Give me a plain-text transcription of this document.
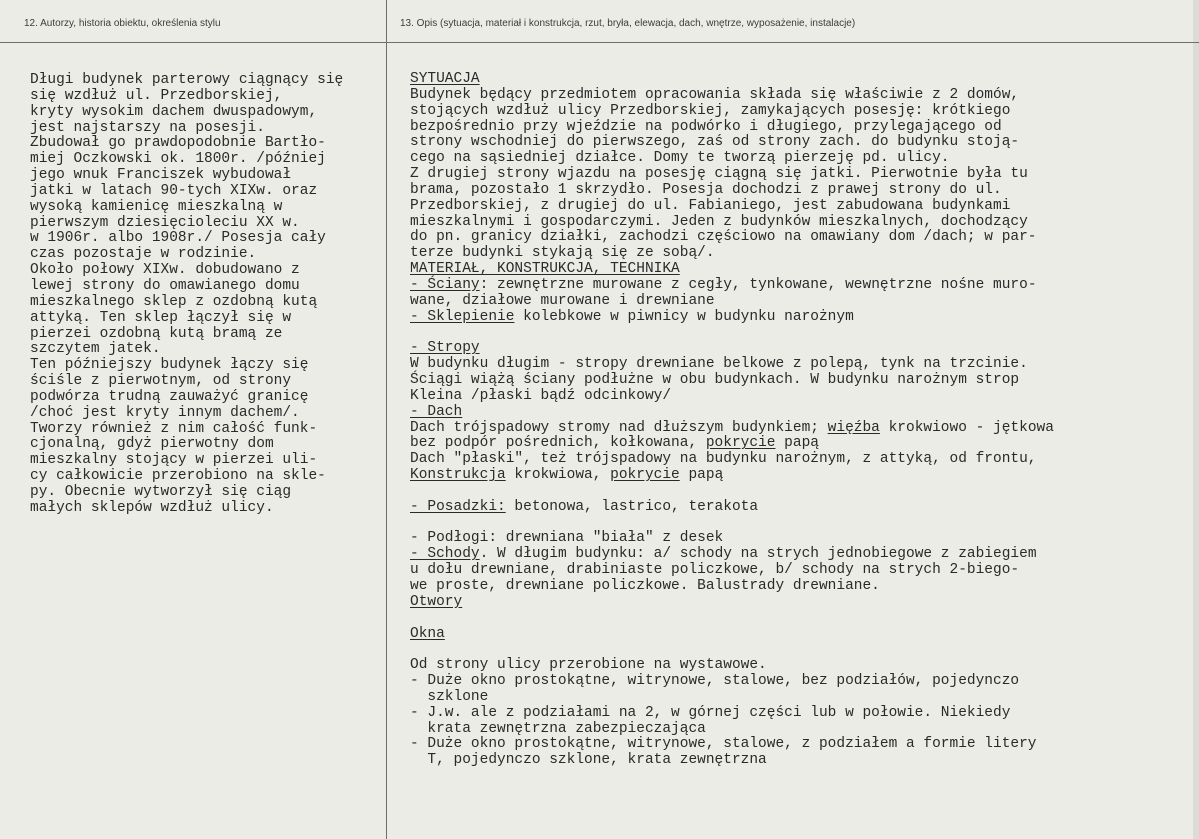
12. Autorzy, historia obiektu, określenia stylu	13. Opis (sytuacja, materiał i konstrukcja, rzut, bryła, elewacja, dach, wnętrze, wyposażenie, instalacje)
Długi budynek parterowy ciągnący się
się wzdłuż ul. Przedborskiej,
kryty wysokim dachem dwuspadowym,
jest najstarszy na posesji.
Zbudował go prawdopodobnie Bartło-
miej Oczkowski ok. 1800r. /później
jego wnuk Franciszek wybudował
jatki w latach 90-tych XIXw. oraz
wysoką kamienicę mieszkalną w
pierwszym dziesięcioleciu XX w.
w 1906r. albo 1908r./ Posesja cały
czas pozostaje w rodzinie.
Około połowy XIXw. dobudowano z
lewej strony do omawianego domu
mieszkalnego sklep z ozdobną kutą
attyką. Ten sklep łączył się w
pierzei ozdobną kutą bramą ze
szczytem jatek.
Ten późniejszy budynek łączy się
ściśle z pierwotnym, od strony
podwórza trudną zauważyć granicę
/choć jest kryty innym dachem/.
Tworzy również z nim całość funk-
cjonalną, gdyż pierwotny dom
mieszkalny stojący w pierzei uli-
cy całkowicie przerobiono na skle-
py. Obecnie wytworzył się ciąg
małych sklepów wzdłuż ulicy.
SYTUACJA
Budynek będący przedmiotem opracowania składa się właściwie z 2 domów,
stojących wzdłuż ulicy Przedborskiej, zamykających posesję: krótkiego
bezpośrednio przy wjeździe na podwórko i długiego, przylegającego od
strony wschodniej do pierwszego, zaś od strony zach. do budynku stoją-
cego na sąsiedniej działce. Domy te tworzą pierzeję pd. ulicy.
Z drugiej strony wjazdu na posesję ciągną się jatki. Pierwotnie była tu
brama, pozostało 1 skrzydło. Posesja dochodzi z prawej strony do ul.
Przedborskiej, z drugiej do ul. Fabianiego, jest zabudowana budynkami
mieszkalnymi i gospodarczymi. Jeden z budynków mieszkalnych, dochodzący
do pn. granicy działki, zachodzi częściowo na omawiany dom /dach; w par-
terze budynki stykają się ze sobą/.
MATERIAŁ, KONSTRUKCJA, TECHNIKA
- Ściany: zewnętrzne murowane z cegły, tynkowane, wewnętrzne nośne muro-
wane, działowe murowane i drewniane
- Sklepienie kolebkowe w piwnicy w budynku narożnym
- Stropy
W budynku długim - stropy drewniane belkowe z polepą, tynk na trzcinie.
Ściągi wiążą ściany podłużne w obu budynkach. W budynku narożnym strop
Kleina /płaski bądź odcinkowy/
- Dach
Dach trójspadowy stromy nad dłuższym budynkiem; więźba krokwiowo - jętkowa
bez podpór pośrednich, kołkowana, pokrycie papą
Dach "płaski", też trójspadowy na budynku narożnym, z attyką, od frontu,
Konstrukcja krokwiowa, pokrycie papą
- Posadzki: betonowa, lastrico, terakota
- Podłogi: drewniana "biała" z desek
- Schody. W długim budynku: a/ schody na strych jednobiegowe z zabiegiem
u dołu drewniane, drabiniaste policzkowe, b/ schody na strych 2-biego-
we proste, drewniane policzkowe. Balustrady drewniane.
Otwory
Okna
Od strony ulicy przerobione na wystawowe.
- Duże okno prostokątne, witrynowe, stalowe, bez podziałów, pojedynczo
szklone
- J.w. ale z podziałami na 2, w górnej części lub w połowie. Niekiedy
krata zewnętrzna zabezpieczająca
- Duże okno prostokątne, witrynowe, stalowe, z podziałem a formie litery
T, pojedynczo szklone, krata zewnętrzna
